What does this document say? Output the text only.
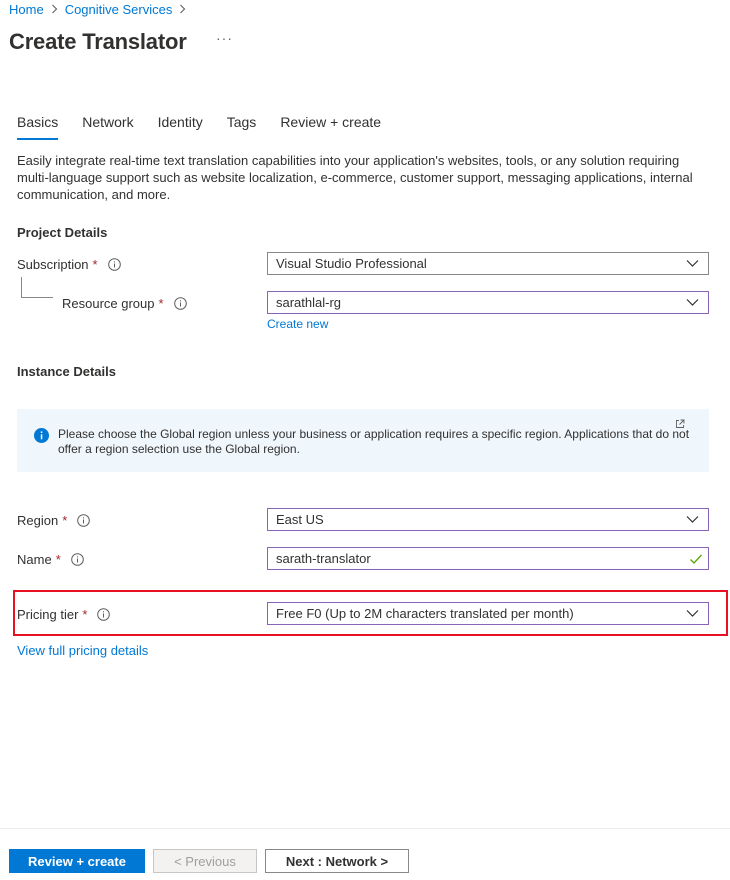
Home Cognitive Services
Create Translator ···
Basics Network Identity Tags Review + create
Easily integrate real-time text translation capabilities into your application's websites, tools, or any solution requiring multi-language support such as website localization, e-commerce, customer support, messaging applications, internal communication, and more.
Project Details
Subscription *	Visual Studio Professional
Resource group *	sarathlal-rg
Create new
Instance Details
Please choose the Global region unless your business or application requires a specific region. Applications that do not offer a region selection use the Global region.
Region *	East US
Name *	sarath-translator
Pricing tier *	Free F0 (Up to 2M characters translated per month)
View full pricing details
Review + create	< Previous	Next : Network >
